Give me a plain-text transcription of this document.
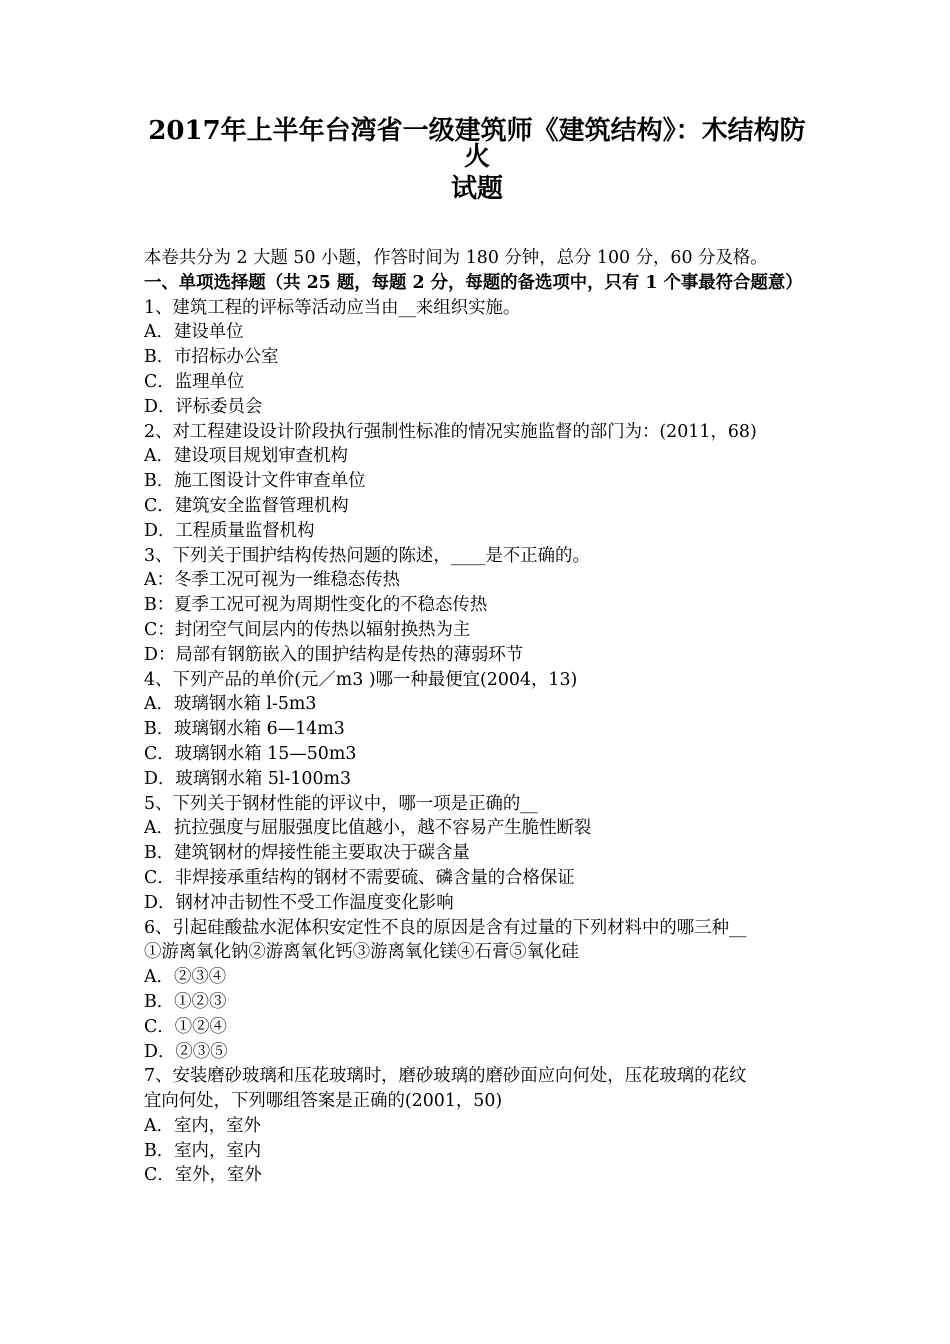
2017年上半年台湾省一级建筑师《建筑结构》：木结构防火
试题
本卷共分为 2 大题 50 小题，作答时间为 180 分钟，总分 100 分，60 分及格。
一、单项选择题（共 25 题，每题 2 分，每题的备选项中，只有 1 个事最符合题意）
1、建筑工程的评标等活动应当由__来组织实施。
A．建设单位
B．市招标办公室
C．监理单位
D．评标委员会
2、对工程建设设计阶段执行强制性标准的情况实施监督的部门为：(2011，68)
A．建设项目规划审查机构
B．施工图设计文件审查单位
C．建筑安全监督管理机构
D．工程质量监督机构
3、下列关于围护结构传热问题的陈述，____是不正确的。
A：冬季工况可视为一维稳态传热
B：夏季工况可视为周期性变化的不稳态传热
C：封闭空气间层内的传热以辐射换热为主
D：局部有钢筋嵌入的围护结构是传热的薄弱环节
4、下列产品的单价(元／m3 )哪一种最便宜(2004，13)
A．玻璃钢水箱 l-5m3
B．玻璃钢水箱 6—14m3
C．玻璃钢水箱 15—50m3
D．玻璃钢水箱 5l-100m3
5、下列关于钢材性能的评议中，哪一项是正确的__
A．抗拉强度与屈服强度比值越小，越不容易产生脆性断裂
B．建筑钢材的焊接性能主要取决于碳含量
C．非焊接承重结构的钢材不需要硫、磷含量的合格保证
D．钢材冲击韧性不受工作温度变化影响
6、引起硅酸盐水泥体积安定性不良的原因是含有过量的下列材料中的哪三种__
①游离氧化钠②游离氧化钙③游离氧化镁④石膏⑤氧化硅
A．②③④
B．①②③
C．①②④
D．②③⑤
7、安装磨砂玻璃和压花玻璃时，磨砂玻璃的磨砂面应向何处，压花玻璃的花纹
宜向何处，下列哪组答案是正确的(2001，50)
A．室内，室外
B．室内，室内
C．室外，室外
